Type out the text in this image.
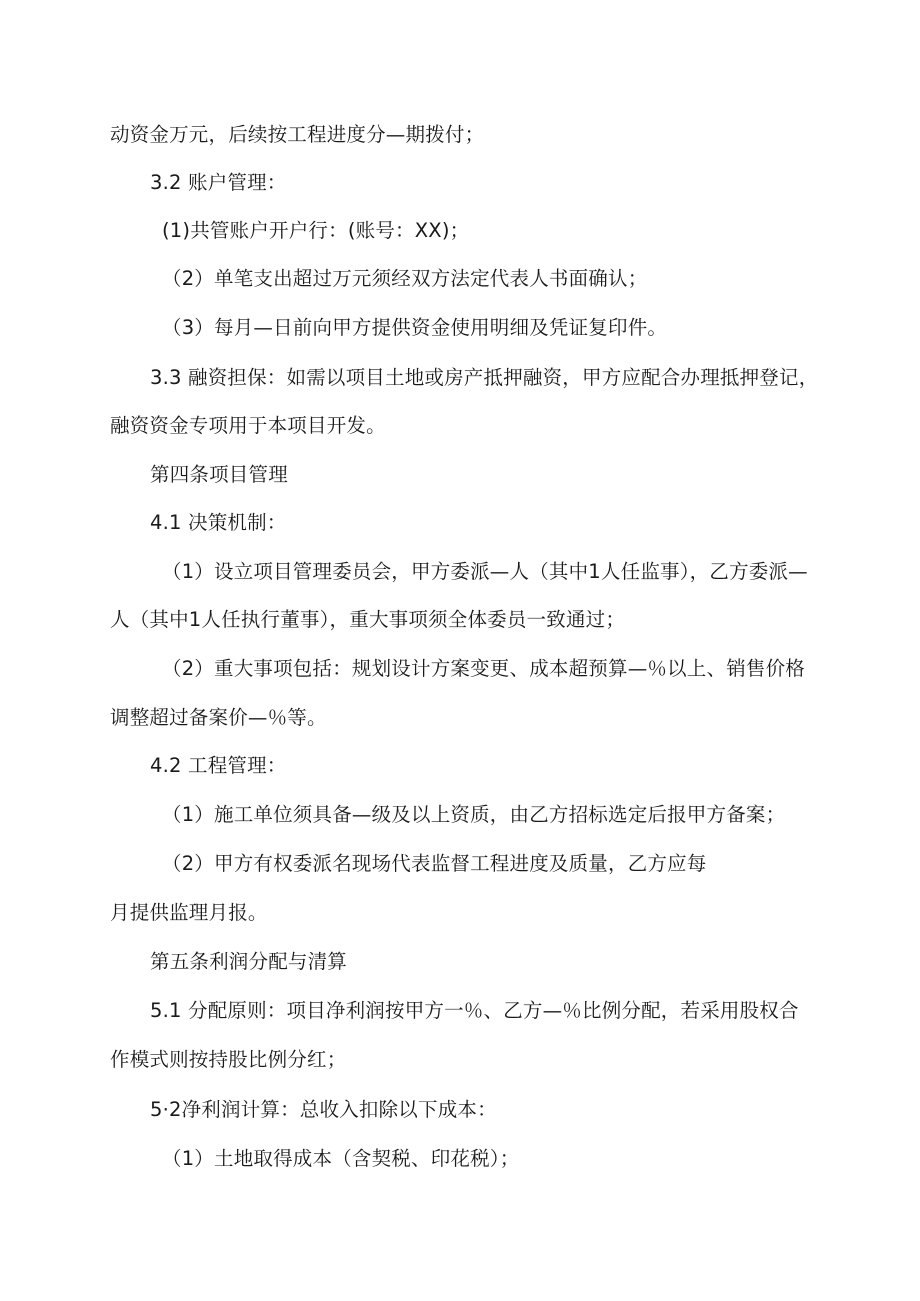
动资金万元，后续按工程进度分—期拨付；
3.2 账户管理：
(1)共管账户开户行：(账号：XX)；
（2）单笔支出超过万元须经双方法定代表人书面确认；
（3）每月—日前向甲方提供资金使用明细及凭证复印件。
3.3 融资担保：如需以项目土地或房产抵押融资，甲方应配合办理抵押登记，
融资资金专项用于本项目开发。
第四条项目管理
4.1 决策机制：
（1）设立项目管理委员会，甲方委派—人（其中1人任监事），乙方委派—
人（其中1人任执行董事），重大事项须全体委员一致通过；
（2）重大事项包括：规划设计方案变更、成本超预算—％以上、销售价格
调整超过备案价—％等。
4.2 工程管理：
（1）施工单位须具备—级及以上资质，由乙方招标选定后报甲方备案；
（2）甲方有权委派名现场代表监督工程进度及质量，乙方应每
月提供监理月报。
第五条利润分配与清算
5.1 分配原则：项目净利润按甲方一％、乙方—％比例分配，若采用股权合
作模式则按持股比例分红；
5·2净利润计算：总收入扣除以下成本：
（1）土地取得成本（含契税、印花税）；
